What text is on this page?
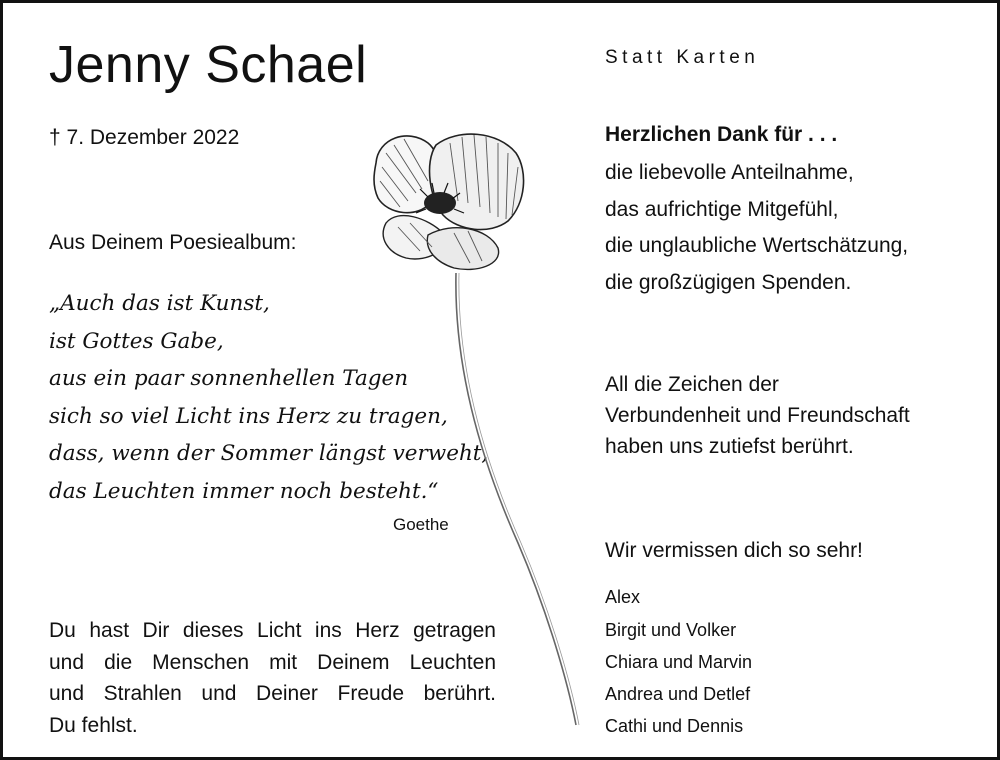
Jenny Schael
† 7. Dezember 2022
Aus Deinem Poesiealbum:
„Auch das ist Kunst,
ist Gottes Gabe,
aus ein paar sonnenhellen Tagen
sich so viel Licht ins Herz zu tragen,
dass, wenn der Sommer längst verweht,
das Leuchten immer noch besteht.“
Goethe
Du hast Dir dieses Licht ins Herz getragen
und die Menschen mit Deinem Leuchten
und Strahlen und Deiner Freude berührt.
Du fehlst.
Statt Karten
Herzlichen Dank für . . .
die liebevolle Anteilnahme,
das aufrichtige Mitgefühl,
die unglaubliche Wertschätzung,
die großzügigen Spenden.
All die Zeichen der
Verbundenheit und Freundschaft
haben uns zutiefst berührt.
Wir vermissen dich so sehr!
Alex
Birgit und Volker
Chiara und Marvin
Andrea und Detlef
Cathi und Dennis
